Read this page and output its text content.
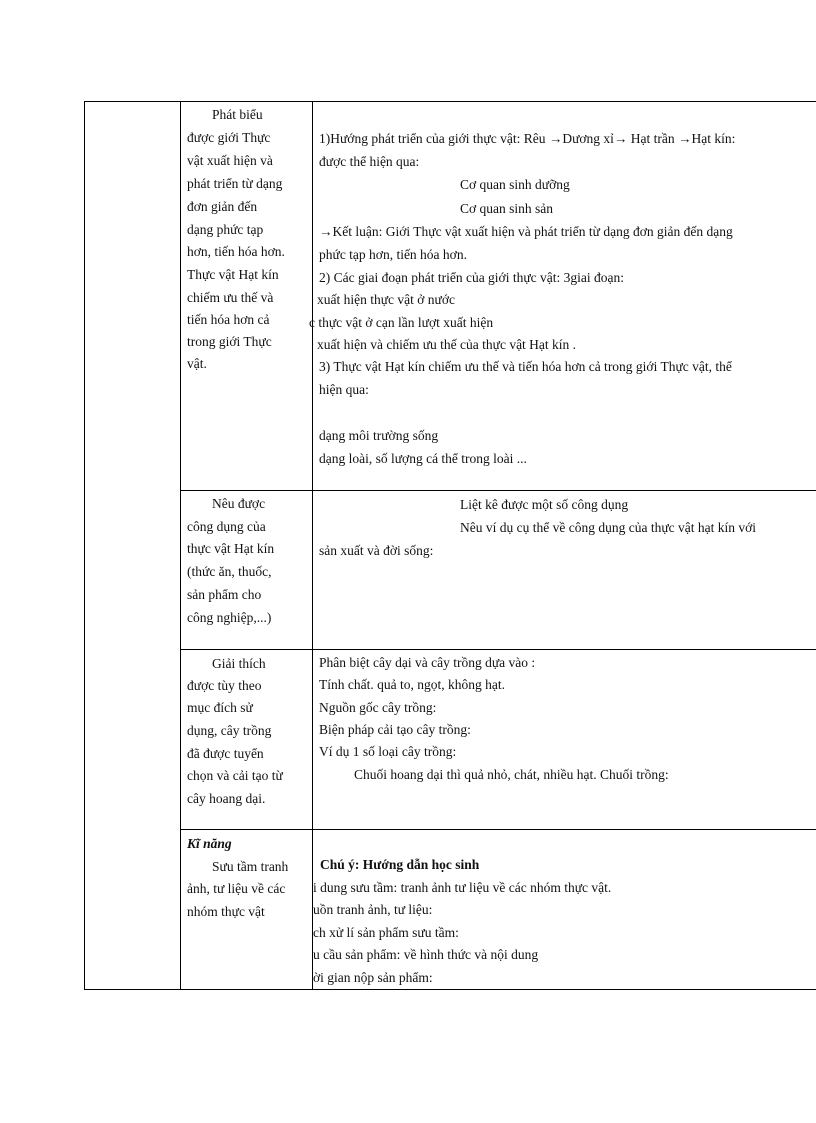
Phát biểu
được giới Thực
vật xuất hiện và
phát triển từ dạng
đơn giản đến
dạng phức tạp
hơn, tiến hóa hơn.
Thực vật Hạt kín
chiếm ưu thế và
tiến hóa hơn cả
trong giới Thực
vật.
1)Hướng phát triển của giới thực vật: Rêu →Dương xỉ→ Hạt trần →Hạt kín:
được thể hiện qua:
Cơ quan sinh dưỡng
Cơ quan sinh sản
→Kết luận: Giới Thực vật xuất hiện và phát triển từ dạng đơn giản đến dạng
phức tạp hơn, tiến hóa hơn.
2) Các giai đoạn phát triển của giới thực vật: 3giai đoạn:
xuất hiện thực vật ở nước
c thực vật ở cạn lần lượt xuất hiện
xuất hiện và chiếm ưu thế của thực vật Hạt kín .
3) Thực vật Hạt kín chiếm ưu thế và tiến hóa hơn cả trong giới Thực vật, thể
hiện qua:
dạng môi trường sống
dạng loài, số lượng cá thể trong loài ...
Nêu được
công dụng của
thực vật Hạt kín
(thức ăn, thuốc,
sản phẩm cho
công nghiệp,...)
Liệt kê được một số công dụng
Nêu ví dụ cụ thể về công dụng của thực vật hạt kín với
sản xuất và đời sống:
Giải thích
được tùy theo
mục đích sử
dụng, cây trồng
đã được tuyển
chọn và cải tạo từ
cây hoang dại.
Phân biệt cây dại và cây trồng dựa vào :
Tính chất. quả to, ngọt, không hạt.
Nguồn gốc cây trồng:
Biện pháp cải tạo cây trồng:
Ví dụ 1 số loại cây trồng:
Chuối hoang dại thì quả nhỏ, chát, nhiều hạt. Chuối trồng:
Kĩ năng
Sưu tầm tranh
ảnh, tư liệu về các
nhóm thực vật
Chú ý: Hướng dẫn học sinh
i dung sưu tầm: tranh ảnh tư liệu về các nhóm thực vật.
uồn tranh ảnh, tư liệu:
ch xử lí sản phẩm sưu tầm:
u cầu sản phẩm: về hình thức và nội dung
ời gian nộp sản phẩm:
